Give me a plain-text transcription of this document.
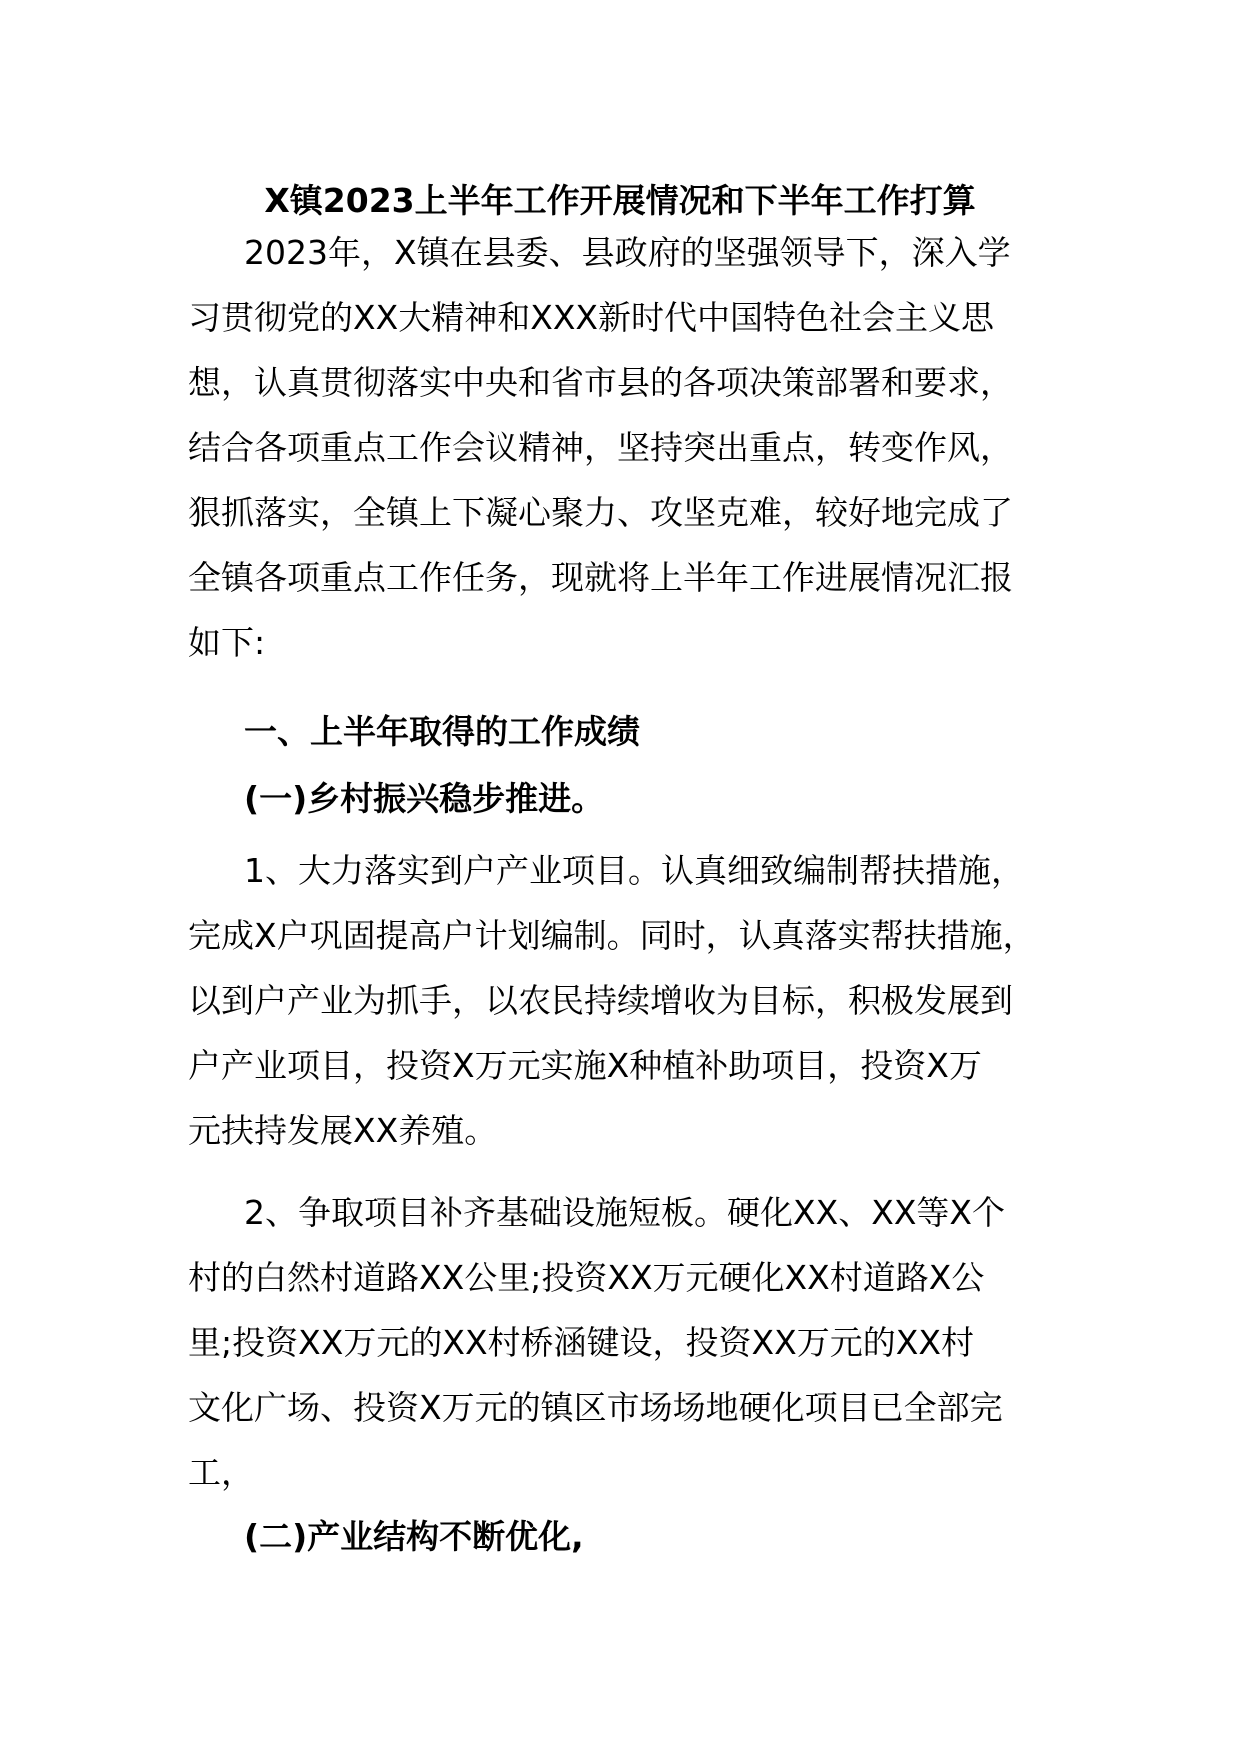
X镇2023上半年工作开展情况和下半年工作打算
2023年，X镇在县委、县政府的坚强领导下，深入学
习贯彻党的XX大精神和XXX新时代中国特色社会主义思
想，认真贯彻落实中央和省市县的各项决策部署和要求，
结合各项重点工作会议精神，坚持突出重点，转变作风，
狠抓落实，全镇上下凝心聚力、攻坚克难，较好地完成了
全镇各项重点工作任务，现就将上半年工作进展情况汇报
如下:
一、上半年取得的工作成绩
(一)乡村振兴稳步推进。
1、大力落实到户产业项目。认真细致编制帮扶措施，
完成X户巩固提高户计划编制。同时，认真落实帮扶措施，
以到户产业为抓手，以农民持续增收为目标，积极发展到
户产业项目，投资X万元实施X种植补助项目，投资X万
元扶持发展XX养殖。
2、争取项目补齐基础设施短板。硬化XX、XX等X个
村的白然村道路XX公里;投资XX万元硬化XX村道路X公
里;投资XX万元的XX村桥涵键设，投资XX万元的XX村
文化广场、投资X万元的镇区市场场地硬化项目已全部完
工，
(二)产业结构不断优化,
